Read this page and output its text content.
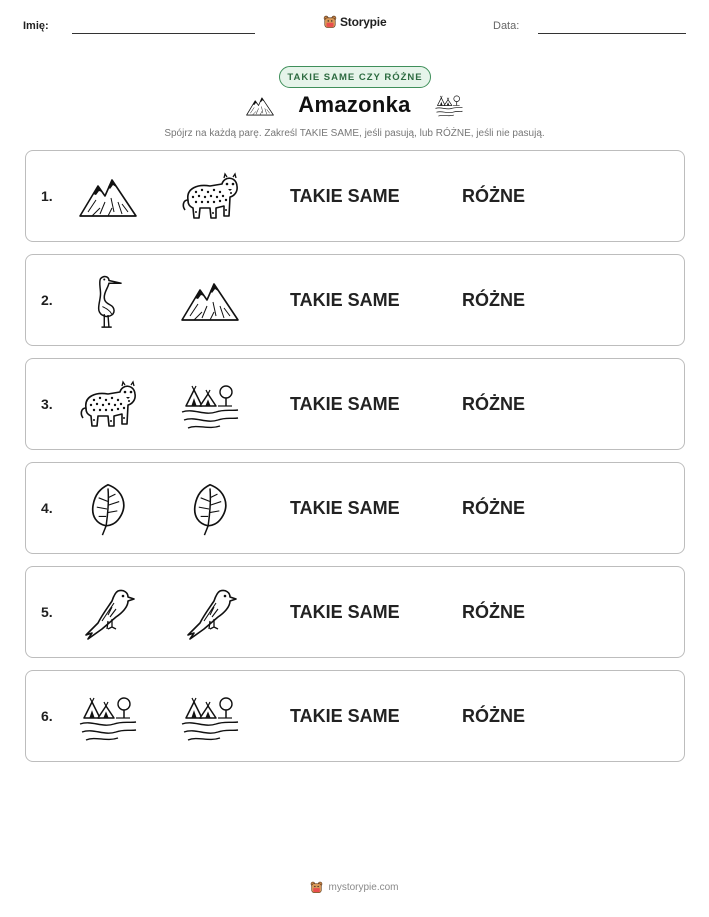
Imię:	Storypie	Data:
TAKIE SAME CZY RÓŻNE
Amazonka
Spójrz na każdą parę. Zakreśl TAKIE SAME, jeśli pasują, lub RÓŻNE, jeśli nie pasują.
1.	TAKIE SAME	RÓŻNE
2.	TAKIE SAME	RÓŻNE
3.	TAKIE SAME	RÓŻNE
4.	TAKIE SAME	RÓŻNE
5.	TAKIE SAME	RÓŻNE
6.	TAKIE SAME	RÓŻNE
mystorypie.com
